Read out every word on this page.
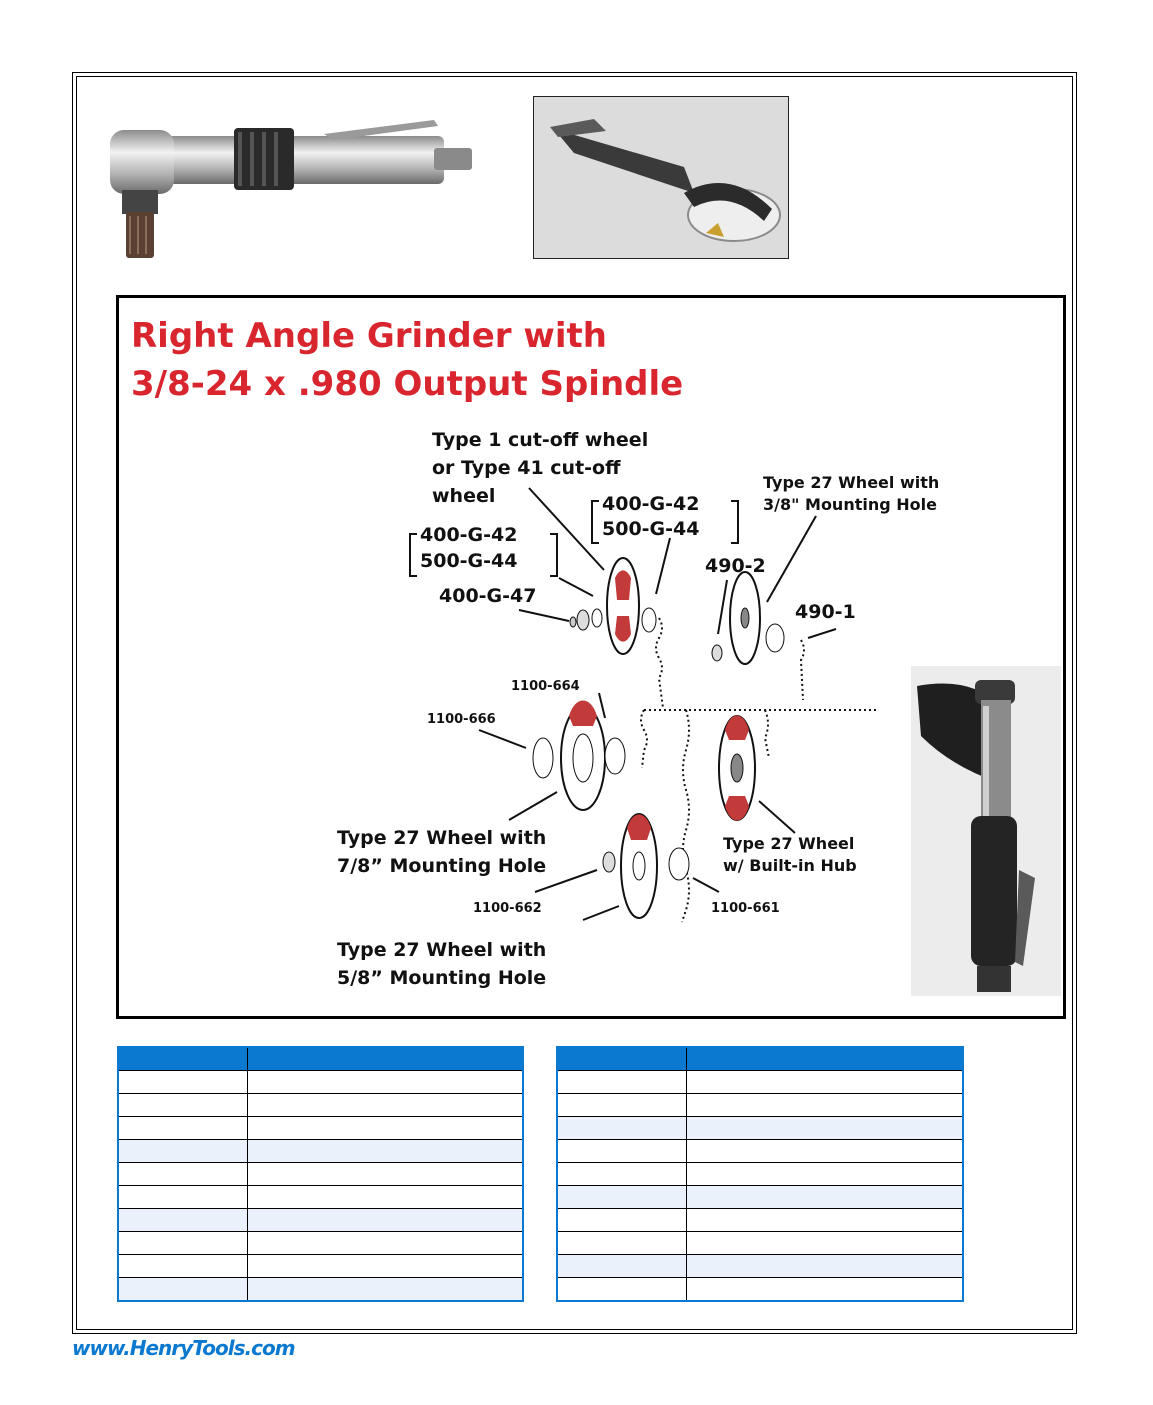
Right Angle Grinder with
3/8-24 x .980 Output Spindle
Type 1 cut-off wheel
or Type 41 cut-off
wheel
400-G-42
500-G-44
400-G-42
500-G-44
400-G-47
Type 27 Wheel with
3/8" Mounting Hole
490-2
490-1
1100-664
1100-666
Type 27 Wheel with
7/8” Mounting Hole
Type 27 Wheel
w/ Built-in Hub
1100-662	1100-661
Type 27 Wheel with
5/8” Mounting Hole

www.HenryTools.com
